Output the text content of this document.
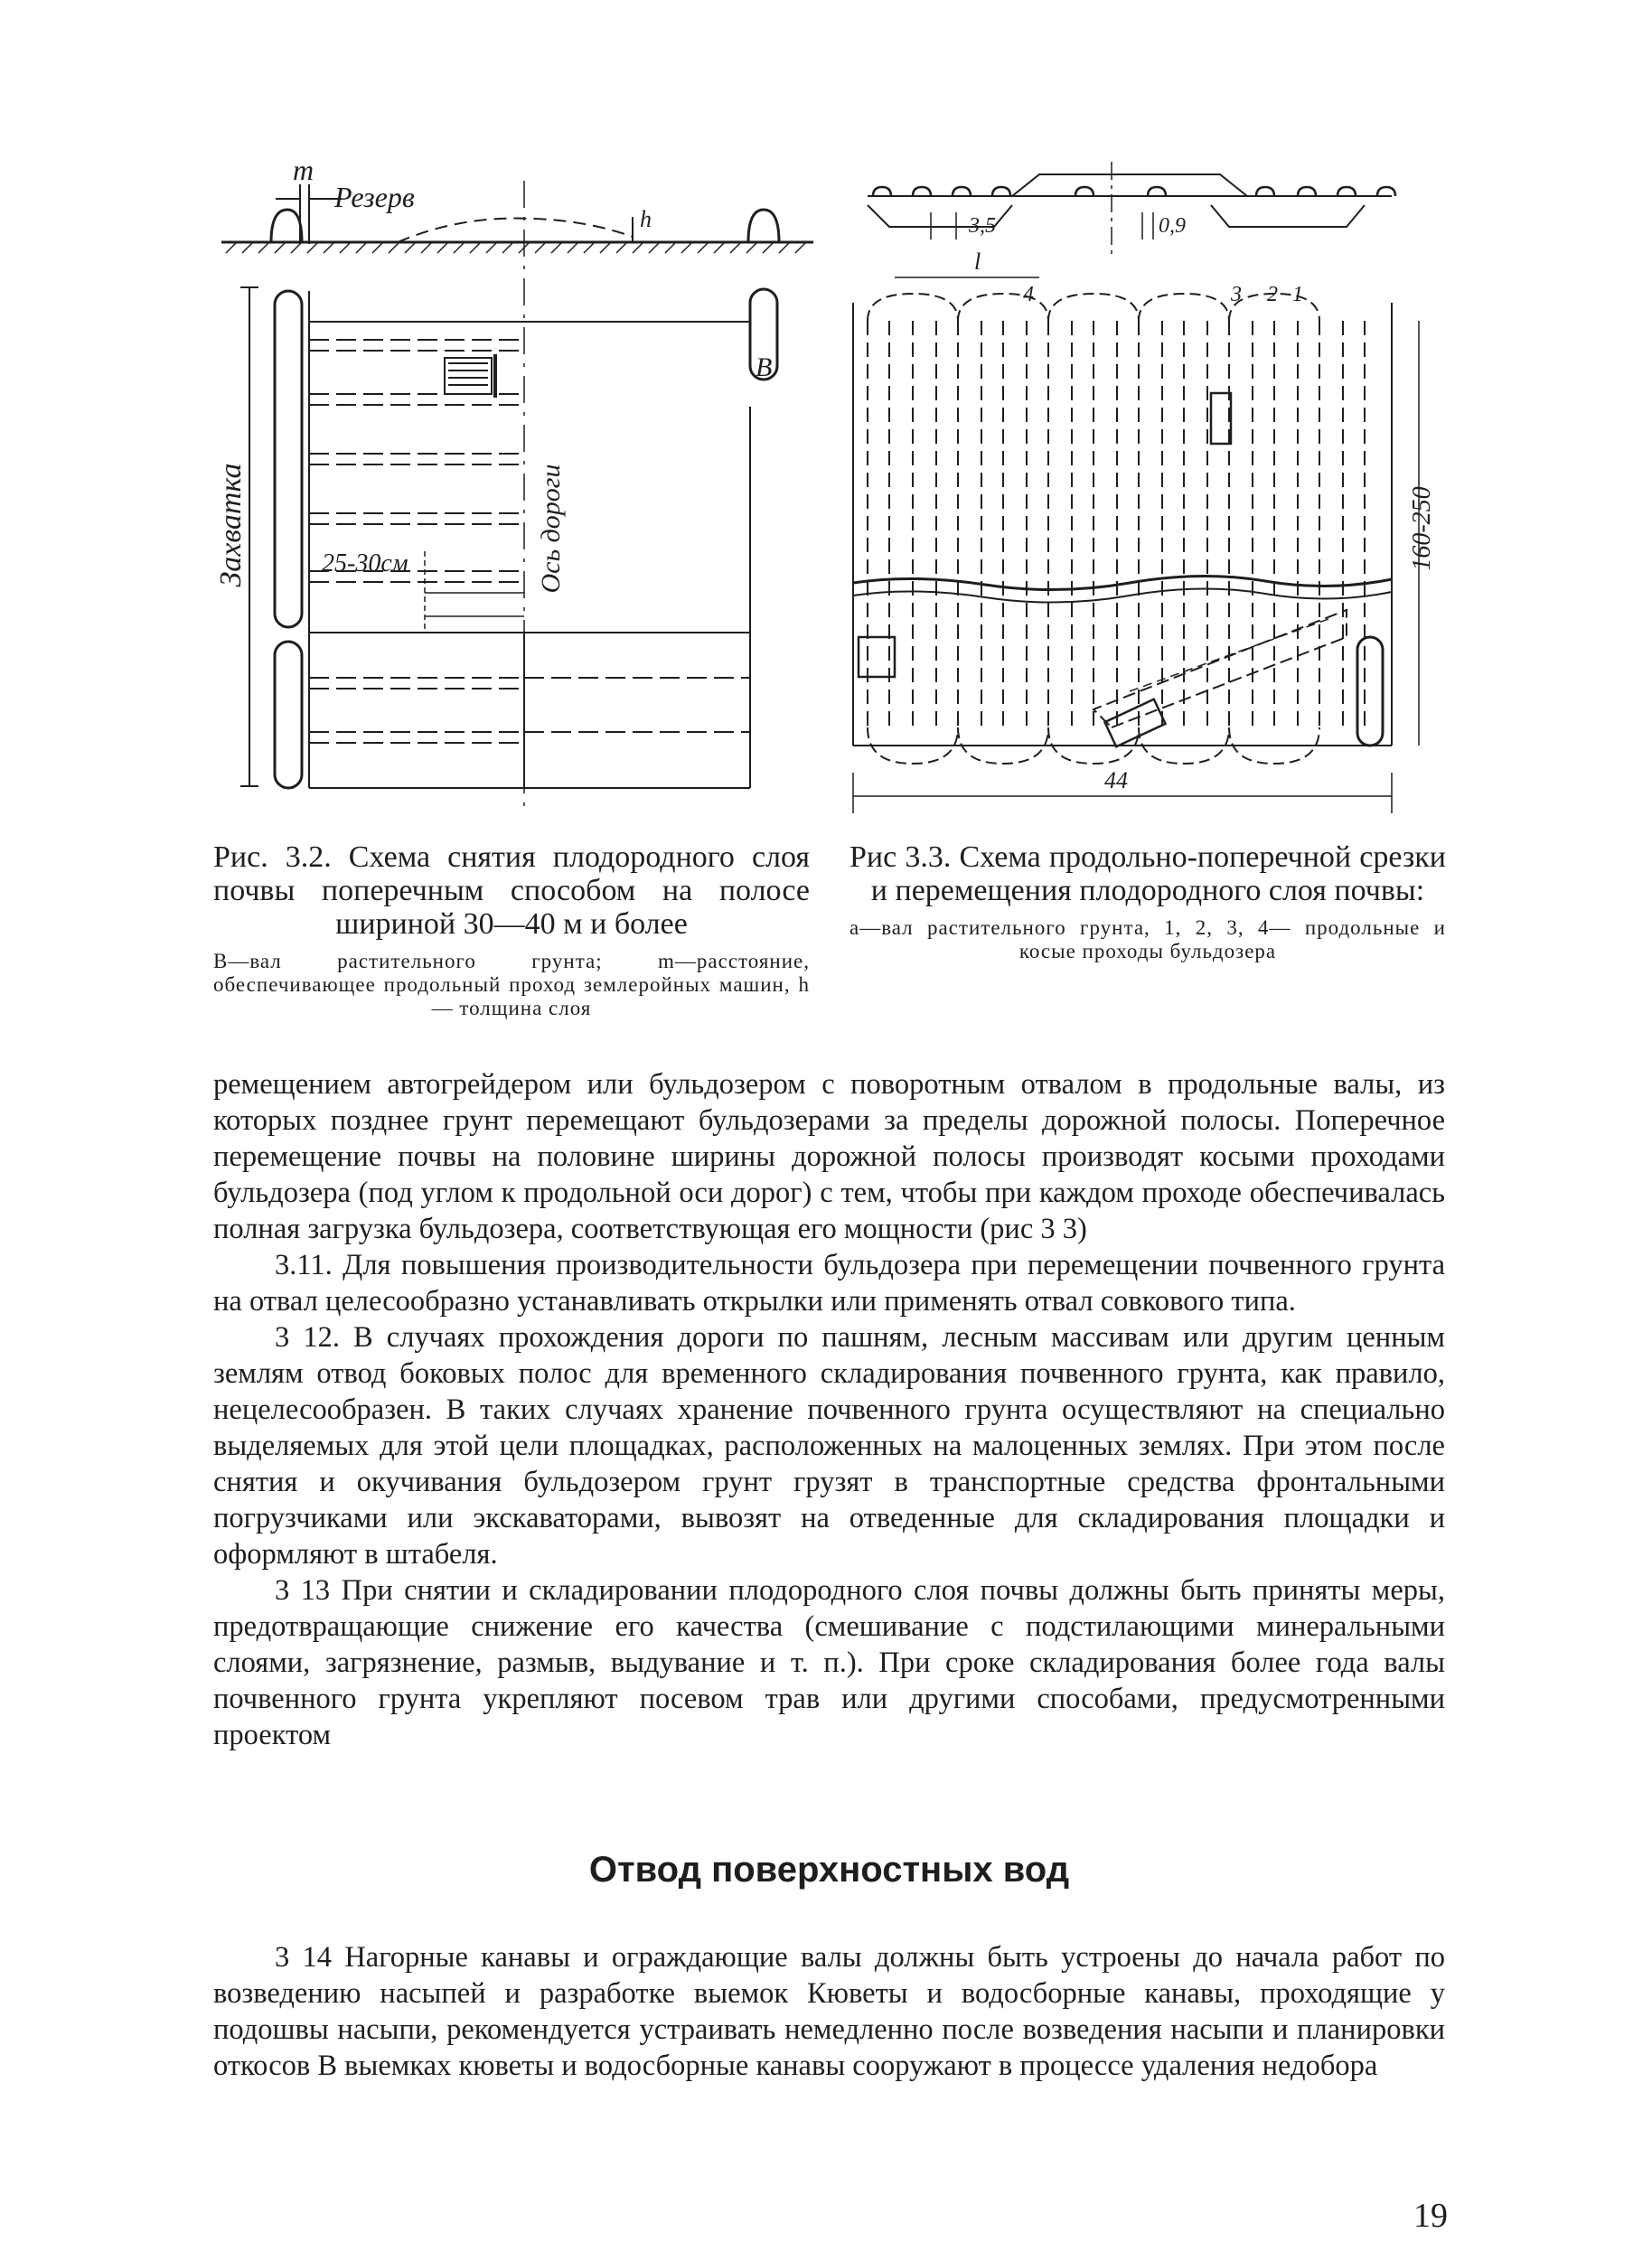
m
Резерв
h
В
Захватка	Ось дороги
25-30см
3,5	0,9
l
4	3 2 1
160-250
44
Рис. 3.2. Схема снятия плодородного слоя почвы поперечным способом на полосе шириной 30—40 м и более
В—вал растительного грунта; m—расстояние, обеспечивающее продольный проход землеройных машин, h — толщина слоя
Рис 3.3. Схема продольно-поперечной срезки и перемещения плодородного слоя почвы:
а—вал растительного грунта, 1, 2, 3, 4— продольные и косые проходы бульдозера

ремещением автогрейдером или бульдозером с поворотным отвалом в продольные валы, из которых позднее грунт перемещают бульдозерами за пределы дорожной полосы. Поперечное перемещение почвы на половине ширины дорожной полосы производят косыми проходами бульдозера (под углом к продольной оси дорог) с тем, чтобы при каждом проходе обеспечивалась полная загрузка бульдозера, соответствующая его мощности (рис 3 3)

3.11. Для повышения производительности бульдозера при перемещении почвенного грунта на отвал целесообразно устанавливать открылки или применять отвал совкового типа.

3 12. В случаях прохождения дороги по пашням, лесным массивам или другим ценным землям отвод боковых полос для временного складирования почвенного грунта, как правило, нецелесообразен. В таких случаях хранение почвенного грунта осуществляют на специально выделяемых для этой цели площадках, расположенных на малоценных землях. При этом после снятия и окучивания бульдозером грунт грузят в транспортные средства фронтальными погрузчиками или экскаваторами, вывозят на отведенные для складирования площадки и оформляют в штабеля.

3 13 При снятии и складировании плодородного слоя почвы должны быть приняты меры, предотвращающие снижение его качества (смешивание с подстилающими минеральными слоями, загрязнение, размыв, выдувание и т. п.). При сроке складирования более года валы почвенного грунта укрепляют посевом трав или другими способами, предусмотренными проектом

Отвод поверхностных вод

3 14 Нагорные канавы и ограждающие валы должны быть устроены до начала работ по возведению насыпей и разработке выемок Кюветы и водосборные канавы, проходящие у подошвы насыпи, рекомендуется устраивать немедленно после возведения насыпи и планировки откосов В выемках кюветы и водосборные канавы сооружают в процессе удаления недобора

19
